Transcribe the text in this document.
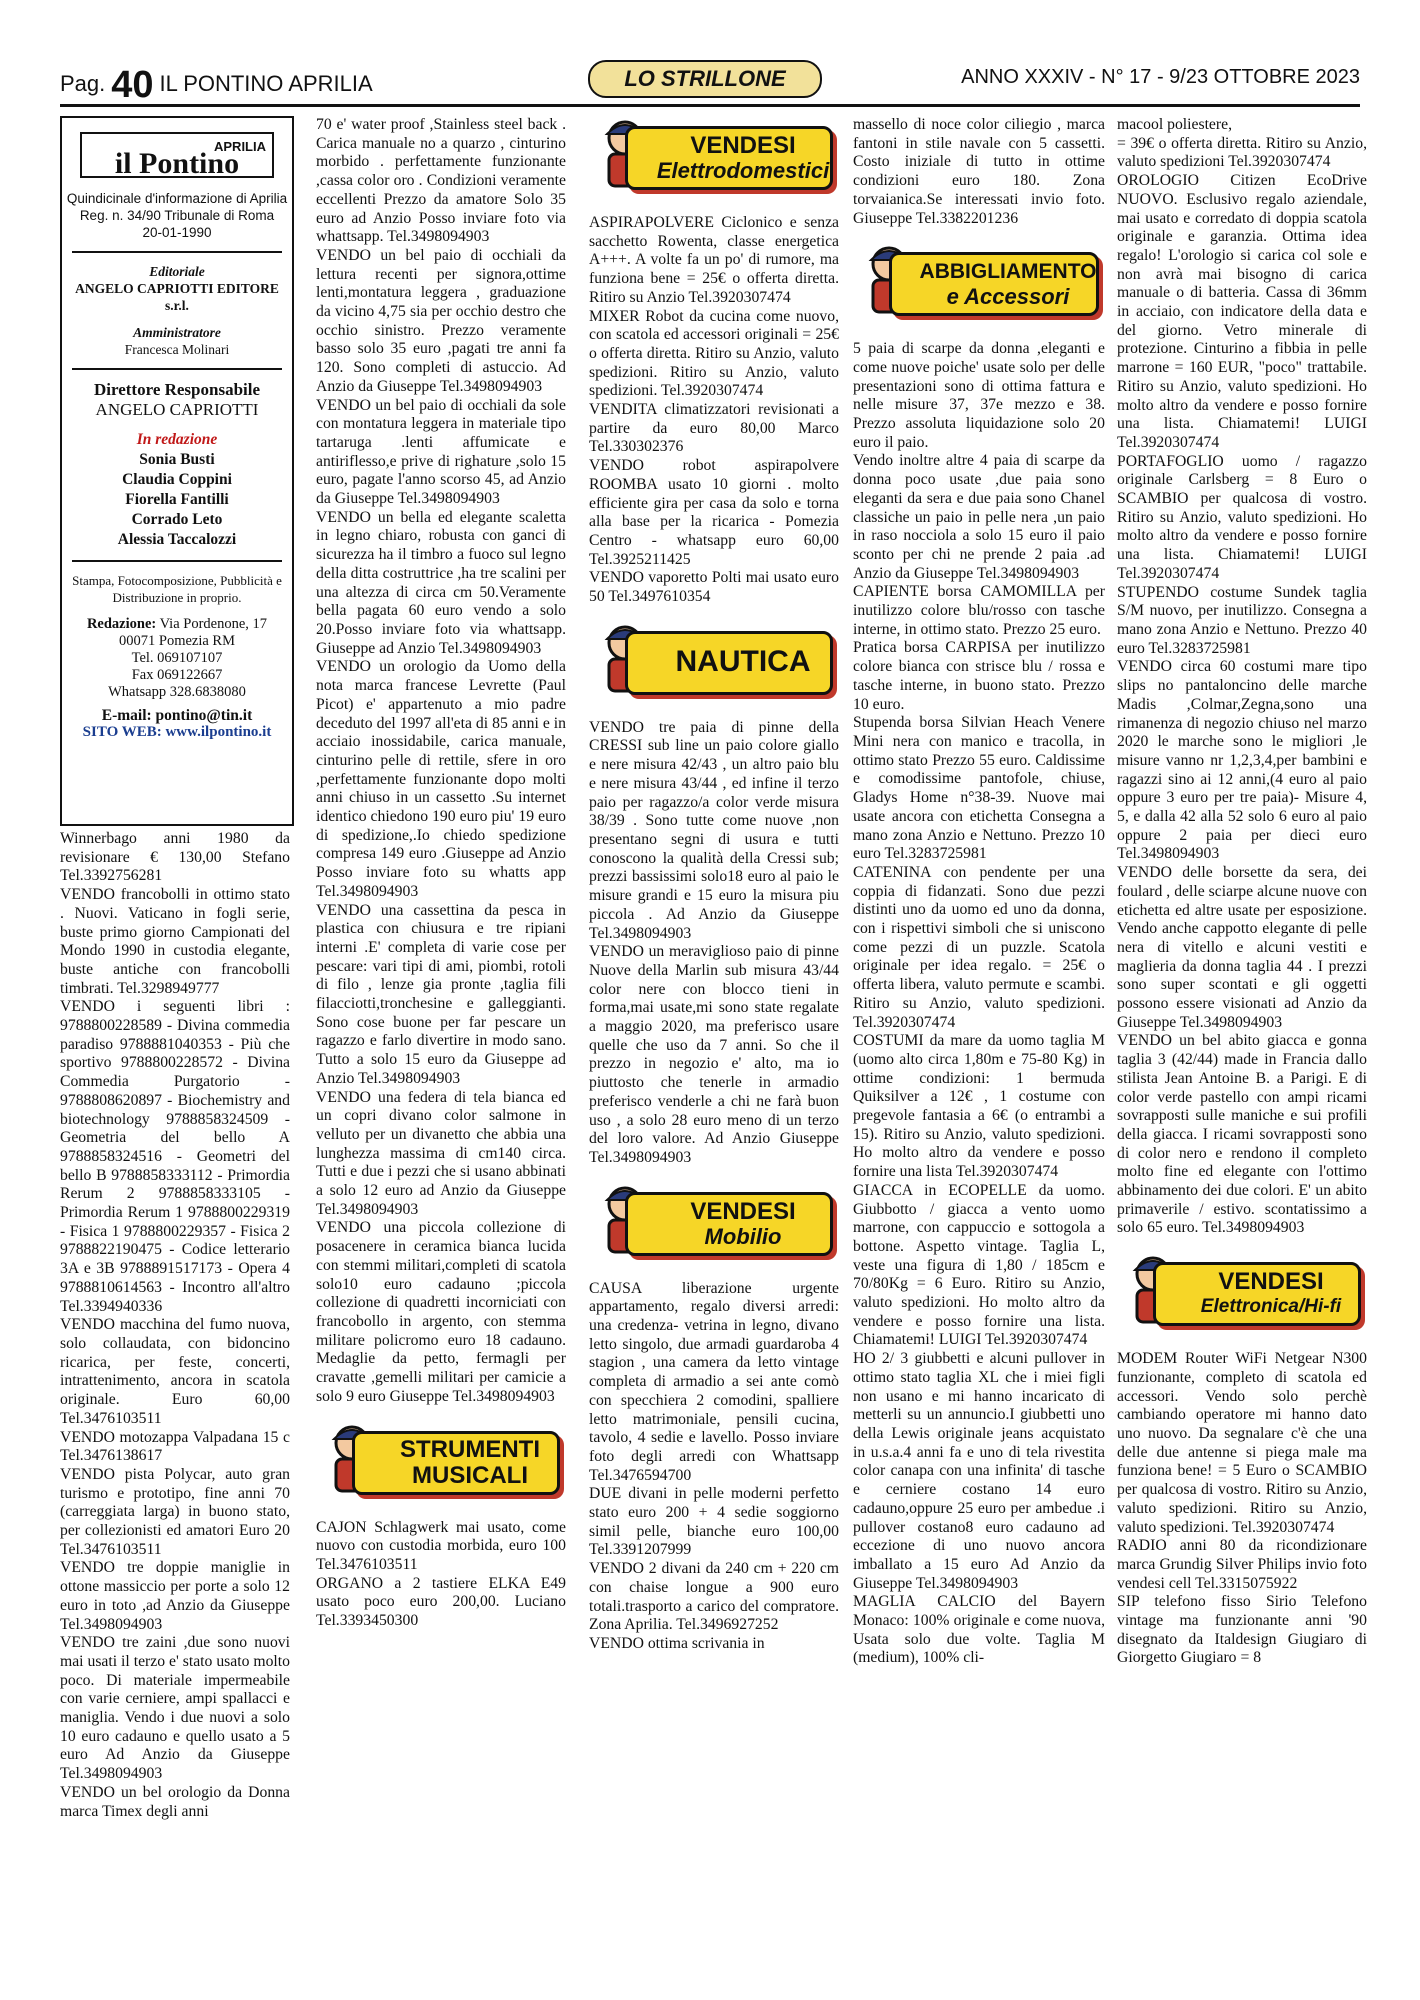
Pag. 40 IL PONTINO APRILIA	LO STRILLONE	ANNO XXXIV - N° 17 - 9/23 OTTOBRE 2023
APRILIA
il Pontino
Quindicinale d'informazione di Aprilia
Reg. n. 34/90 Tribunale di Roma
20-01-1990
Editoriale
ANGELO CAPRIOTTI EDITORE s.r.l.
Amministratore
Francesca Molinari
Direttore Responsabile
ANGELO CAPRIOTTI
In redazione
Sonia Busti
Claudia Coppini
Fiorella Fantilli
Corrado Leto
Alessia Taccalozzi
Stampa, Fotocomposizione, Pubblicità e Distribuzione in proprio.
Redazione: Via Pordenone, 17
00071 Pomezia RM
Tel. 069107107
Fax 069122667
Whatsapp 328.6838080
E-mail: pontino@tin.it
SITO WEB: www.ilpontino.it

Winnerbago anni 1980 da revisionare € 130,00 Stefano Tel.3392756281

VENDO francobolli in ottimo stato . Nuovi. Vaticano in fogli serie, buste primo giorno Campionati del Mondo 1990 in custodia elegante, buste antiche con francobolli timbrati. Tel.3298949777

VENDO i seguenti libri : 9788800228589 - Divina commedia paradiso 9788881040353 - Più che sportivo 9788800228572 - Divina Commedia Purgatorio - 9788808620897 - Biochemistry and biotechnology 9788858324509 - Geometria del bello A 9788858324516 - Geometri del bello B 9788858333112 - Primordia Rerum 2 9788858333105 - Primordia Rerum 1 9788800229319 - Fisica 1 9788800229357 - Fisica 2 9788822190475 - Codice letterario 3A e 3B 9788891517173 - Opera 4 9788810614563 - Incontro all'altro Tel.3394940336

VENDO macchina del fumo nuova, solo collaudata, con bidoncino ricarica, per feste, concerti, intrattenimento, ancora in scatola originale. Euro 60,00 Tel.3476103511

VENDO motozappa Valpadana 15 c Tel.3476138617

VENDO pista Polycar, auto gran turismo e prototipo, fine anni 70 (carreggiata larga) in buono stato, per collezionisti ed amatori Euro 20 Tel.3476103511

VENDO tre doppie maniglie in ottone massiccio per porte a solo 12 euro in toto ,ad Anzio da Giuseppe Tel.3498094903

VENDO tre zaini ,due sono nuovi mai usati il terzo e' stato usato molto poco. Di materiale impermeabile con varie cerniere, ampi spallacci e maniglia. Vendo i due nuovi a solo 10 euro cadauno e quello usato a 5 euro Ad Anzio da Giuseppe Tel.3498094903

VENDO un bel orologio da Donna marca Timex degli anni

70 e' water proof ,Stainless steel back . Carica manuale no a quarzo , cinturino morbido . perfettamente funzionante ,cassa color oro . Condizioni veramente eccellenti Prezzo da amatore Solo 35 euro ad Anzio Posso inviare foto via whattsapp. Tel.3498094903

VENDO un bel paio di occhiali da lettura recenti per signora,ottime lenti,montatura leggera , graduazione da vicino 4,75 sia per occhio destro che occhio sinistro. Prezzo veramente basso solo 35 euro ,pagati tre anni fa 120. Sono completi di astuccio. Ad Anzio da Giuseppe Tel.3498094903

VENDO un bel paio di occhiali da sole con montatura leggera in materiale tipo tartaruga .lenti affumicate e antiriflesso,e prive di righature ,solo 15 euro, pagate l'anno scorso 45, ad Anzio da Giuseppe Tel.3498094903

VENDO un bella ed elegante scaletta in legno chiaro, robusta con ganci di sicurezza ha il timbro a fuoco sul legno della ditta costruttrice ,ha tre scalini per una altezza di circa cm 50.Veramente bella pagata 60 euro vendo a solo 20.Posso inviare foto via whattsapp. Giuseppe ad Anzio Tel.3498094903

VENDO un orologio da Uomo della nota marca francese Levrette (Paul Picot) e' appartenuto a mio padre deceduto del 1997 all'eta di 85 anni e in acciaio inossidabile, carica manuale, cinturino pelle di rettile, sfere in oro ,perfettamente funzionante dopo molti anni chiuso in un cassetto .Su internet identico chiedono 190 euro piu' 19 euro di spedizione,.Io chiedo spedizione compresa 149 euro .Giuseppe ad Anzio Posso inviare foto su whatts app Tel.3498094903

VENDO una cassettina da pesca in plastica con chiusura e tre ripiani interni .E' completa di varie cose per pescare: vari tipi di ami, piombi, rotoli di filo , lenze gia pronte ,taglia fili filacciotti,tronchesine e galleggianti. Sono cose buone per far pescare un ragazzo e farlo divertire in modo sano. Tutto a solo 15 euro da Giuseppe ad Anzio Tel.3498094903

VENDO una federa di tela bianca ed un copri divano color salmone in velluto per un divanetto che abbia una lunghezza massima di cm140 circa. Tutti e due i pezzi che si usano abbinati a solo 12 euro ad Anzio da Giuseppe Tel.3498094903

VENDO una piccola collezione di posacenere in ceramica bianca lucida con stemmi militari,completi di scatola solo10 euro cadauno ;piccola collezione di quadretti incorniciati con francobollo in argento, con stemma militare policromo euro 18 cadauno. Medaglie da petto, fermagli per cravatte ,gemelli militari per camicie a solo 9 euro Giuseppe Tel.3498094903

STRUMENTI
MUSICALI

CAJON Schlagwerk mai usato, come nuovo con custodia morbida, euro 100 Tel.3476103511

ORGANO a 2 tastiere ELKA E49 usato poco euro 200,00. Luciano Tel.3393450300

VENDESI
Elettrodomestici

ASPIRAPOLVERE Ciclonico e senza sacchetto Rowenta, classe energetica A+++. A volte fa un po' di rumore, ma funziona bene = 25€ o offerta diretta. Ritiro su Anzio Tel.3920307474

MIXER Robot da cucina come nuovo, con scatola ed accessori originali = 25€ o offerta diretta. Ritiro su Anzio, valuto spedizioni. Ritiro su Anzio, valuto spedizioni. Tel.3920307474

VENDITA climatizzatori revisionati a partire da euro 80,00 Marco Tel.330302376

VENDO robot aspirapolvere ROOMBA usato 10 giorni . molto efficiente gira per casa da solo e torna alla base per la ricarica - Pomezia Centro - whatsapp euro 60,00 Tel.3925211425

VENDO vaporetto Polti mai usato euro 50 Tel.3497610354

NAUTICA

VENDO tre paia di pinne della CRESSI sub line un paio colore giallo e nere misura 42/43 , un altro paio blu e nere misura 43/44 , ed infine il terzo paio per ragazzo/a color verde misura 38/39 . Sono tutte come nuove ,non presentano segni di usura e tutti conoscono la qualità della Cressi sub; prezzi bassissimi solo18 euro al paio le misure grandi e 15 euro la misura piu piccola . Ad Anzio da Giuseppe Tel.3498094903

VENDO un meraviglioso paio di pinne Nuove della Marlin sub misura 43/44 color nere con blocco tieni in forma,mai usate,mi sono state regalate a maggio 2020, ma preferisco usare quelle che uso da 7 anni. So che il prezzo in negozio e' alto, ma io piuttosto che tenerle in armadio preferisco venderle a chi ne farà buon uso , a solo 28 euro meno di un terzo del loro valore. Ad Anzio Giuseppe Tel.3498094903

VENDESI
Mobilio

CAUSA liberazione urgente appartamento, regalo diversi arredi: una credenza- vetrina in legno, divano letto singolo, due armadi guardaroba 4 stagion , una camera da letto vintage completa di armadio a sei ante comò con specchiera 2 comodini, spalliere letto matrimoniale, pensili cucina, tavolo, 4 sedie e lavello. Posso inviare foto degli arredi con Whattsapp Tel.3476594700

DUE divani in pelle moderni perfetto stato euro 200 + 4 sedie soggiorno simil pelle, bianche euro 100,00 Tel.3391207999

VENDO 2 divani da 240 cm + 220 cm con chaise longue a 900 euro totali.trasporto a carico del compratore. Zona Aprilia. Tel.3496927252

VENDO ottima scrivania in

massello di noce color ciliegio , marca fantoni in stile navale con 5 cassetti. Costo iniziale di tutto in ottime condizioni euro 180. Zona torvaianica.Se interessati invio foto. Giuseppe Tel.3382201236

ABBIGLIAMENTO
e Accessori

5 paia di scarpe da donna ,eleganti e come nuove poiche' usate solo per delle presentazioni sono di ottima fattura e nelle misure 37, 37e mezzo e 38. Prezzo assoluta liquidazione solo 20 euro il paio.

Vendo inoltre altre 4 paia di scarpe da donna poco usate ,due paia sono eleganti da sera e due paia sono Chanel classiche un paio in pelle nera ,un paio in raso nocciola a solo 15 euro il paio sconto per chi ne prende 2 paia .ad Anzio da Giuseppe Tel.3498094903

CAPIENTE borsa CAMOMILLA per inutilizzo colore blu/rosso con tasche interne, in ottimo stato. Prezzo 25 euro.

Pratica borsa CARPISA per inutilizzo colore bianca con strisce blu / rossa e tasche interne, in buono stato. Prezzo 10 euro.

Stupenda borsa Silvian Heach Venere Mini nera con manico e tracolla, in ottimo stato Prezzo 55 euro. Caldissime e comodissime pantofole, chiuse, Gladys Home n°38-39. Nuove mai usate ancora con etichetta Consegna a mano zona Anzio e Nettuno. Prezzo 10 euro Tel.3283725981

CATENINA con pendente per una coppia di fidanzati. Sono due pezzi distinti uno da uomo ed uno da donna, con i rispettivi simboli che si uniscono come pezzi di un puzzle. Scatola originale per idea regalo. = 25€ o offerta libera, valuto permute e scambi. Ritiro su Anzio, valuto spedizioni. Tel.3920307474

COSTUMI da mare da uomo taglia M (uomo alto circa 1,80m e 75-80 Kg) in ottime condizioni: 1 bermuda Quiksilver a 12€ , 1 costume con pregevole fantasia a 6€ (o entrambi a 15). Ritiro su Anzio, valuto spedizioni. Ho molto altro da vendere e posso fornire una lista Tel.3920307474

GIACCA in ECOPELLE da uomo. Giubbotto / giacca a vento uomo marrone, con cappuccio e sottogola a bottone. Aspetto vintage. Taglia L, veste una figura di 1,80 / 185cm e 70/80Kg = 6 Euro. Ritiro su Anzio, valuto spedizioni. Ho molto altro da vendere e posso fornire una lista. Chiamatemi! LUIGI Tel.3920307474

HO 2/ 3 giubbetti e alcuni pullover in ottimo stato taglia XL che i miei figli non usano e mi hanno incaricato di metterli su un annuncio.I giubbetti uno della Lewis originale jeans acquistato in u.s.a.4 anni fa e uno di tela rivestita color canapa con una infinita' di tasche e cerniere costano 14 euro cadauno,oppure 25 euro per ambedue .i pullover costano8 euro cadauno ad eccezione di uno nuovo ancora imballato a 15 euro Ad Anzio da Giuseppe Tel.3498094903

MAGLIA CALCIO del Bayern Monaco: 100% originale e come nuova, Usata solo due volte. Taglia M (medium), 100% cli-

macool poliestere,

= 39€ o offerta diretta. Ritiro su Anzio, valuto spedizioni Tel.3920307474

OROLOGIO Citizen EcoDrive NUOVO. Esclusivo regalo aziendale, mai usato e corredato di doppia scatola originale e garanzia. Ottima idea regalo! L'orologio si carica col sole e non avrà mai bisogno di carica manuale o di batteria. Cassa di 36mm in acciaio, con indicatore della data e del giorno. Vetro minerale di protezione. Cinturino a fibbia in pelle marrone = 160 EUR, "poco" trattabile. Ritiro su Anzio, valuto spedizioni. Ho molto altro da vendere e posso fornire una lista. Chiamatemi! LUIGI Tel.3920307474

PORTAFOGLIO uomo / ragazzo originale Carlsberg = 8 Euro o SCAMBIO per qualcosa di vostro. Ritiro su Anzio, valuto spedizioni. Ho molto altro da vendere e posso fornire una lista. Chiamatemi! LUIGI Tel.3920307474

STUPENDO costume Sundek taglia S/M nuovo, per inutilizzo. Consegna a mano zona Anzio e Nettuno. Prezzo 40 euro Tel.3283725981

VENDO circa 60 costumi mare tipo slips no pantaloncino delle marche Madis ,Colmar,Zegna,sono una rimanenza di negozio chiuso nel marzo 2020 le marche sono le migliori ,le misure vanno nr 1,2,3,4,per bambini e ragazzi sino ai 12 anni,(4 euro al paio oppure 3 euro per tre paia)- Misure 4, 5, e dalla 42 alla 52 solo 6 euro al paio oppure 2 paia per dieci euro Tel.3498094903

VENDO delle borsette da sera, dei foulard , delle sciarpe alcune nuove con etichetta ed altre usate per esposizione. Vendo anche cappotto elegante di pelle nera di vitello e alcuni vestiti e maglieria da donna taglia 44 . I prezzi sono super scontati e gli oggetti possono essere visionati ad Anzio da Giuseppe Tel.3498094903

VENDO un bel abito giacca e gonna taglia 3 (42/44) made in Francia dallo stilista Jean Antoine B. a Parigi. E di color verde pastello con ampi ricami sovrapposti sulle maniche e sui profili della giacca. I ricami sovrapposti sono di color nero e rendono il completo molto fine ed elegante con l'ottimo abbinamento dei due colori. E' un abito primaverile / estivo. scontatissimo a solo 65 euro. Tel.3498094903

VENDESI
Elettronica/Hi-fi

MODEM Router WiFi Netgear N300 funzionante, completo di scatola ed accessori. Vendo solo perchè cambiando operatore mi hanno dato uno nuovo. Da segnalare c'è che una delle due antenne si piega male ma funziona bene! = 5 Euro o SCAMBIO per qualcosa di vostro. Ritiro su Anzio, valuto spedizioni. Ritiro su Anzio, valuto spedizioni. Tel.3920307474

RADIO anni 80 da ricondizionare marca Grundig Silver Philips invio foto vendesi cell Tel.3315075922

SIP telefono fisso Sirio Telefono vintage ma funzionante anni '90 disegnato da Italdesign Giugiaro di Giorgetto Giugiaro = 8
